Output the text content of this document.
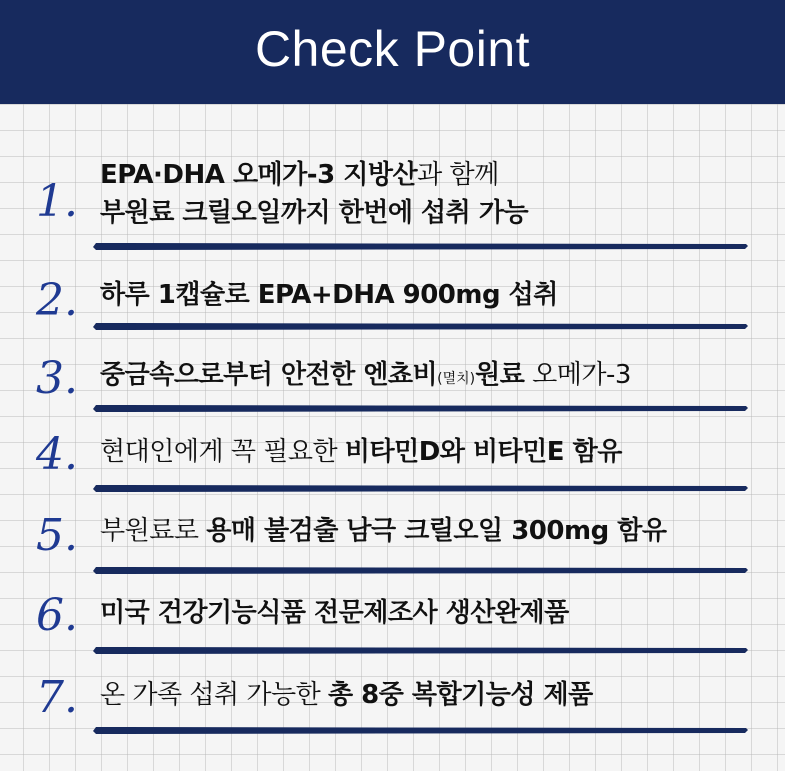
Check Point
1.
EPA·DHA 오메가-3 지방산과 함께
부원료 크릴오일까지 한번에 섭취 가능
2. 하루 1캡슐로 EPA+DHA 900mg 섭취
3. 중금속으로부터 안전한 엔쵸비(멸치)원료 오메가-3
4. 현대인에게 꼭 필요한 비타민D와 비타민E 함유
5. 부원료로 용매 불검출 남극 크릴오일 300mg 함유
6. 미국 건강기능식품 전문제조사 생산완제품
7. 온 가족 섭취 가능한 총 8중 복합기능성 제품
